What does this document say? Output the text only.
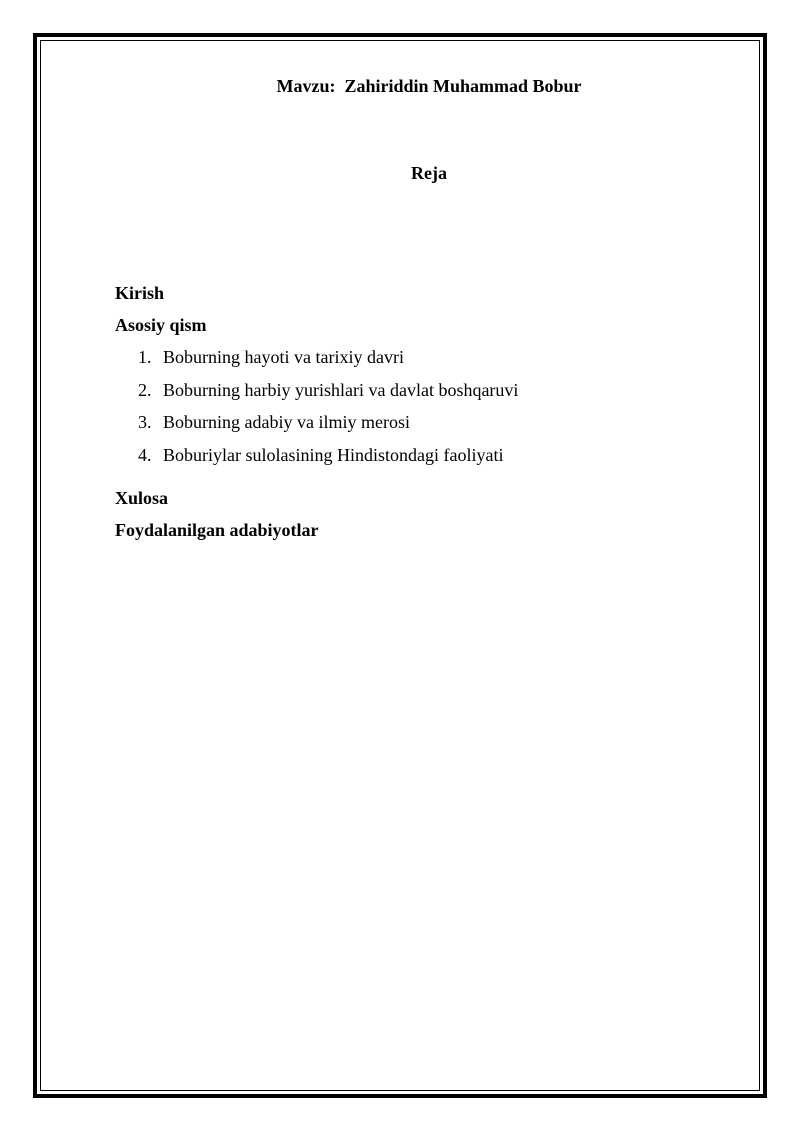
Mavzu:  Zahiriddin Muhammad Bobur
Reja
Kirish
Asosiy qism
1. Boburning hayoti va tarixiy davri
2. Boburning harbiy yurishlari va davlat boshqaruvi
3. Boburning adabiy va ilmiy merosi
4. Boburiylar sulolasining Hindistondagi faoliyati
Xulosa
Foydalanilgan adabiyotlar
